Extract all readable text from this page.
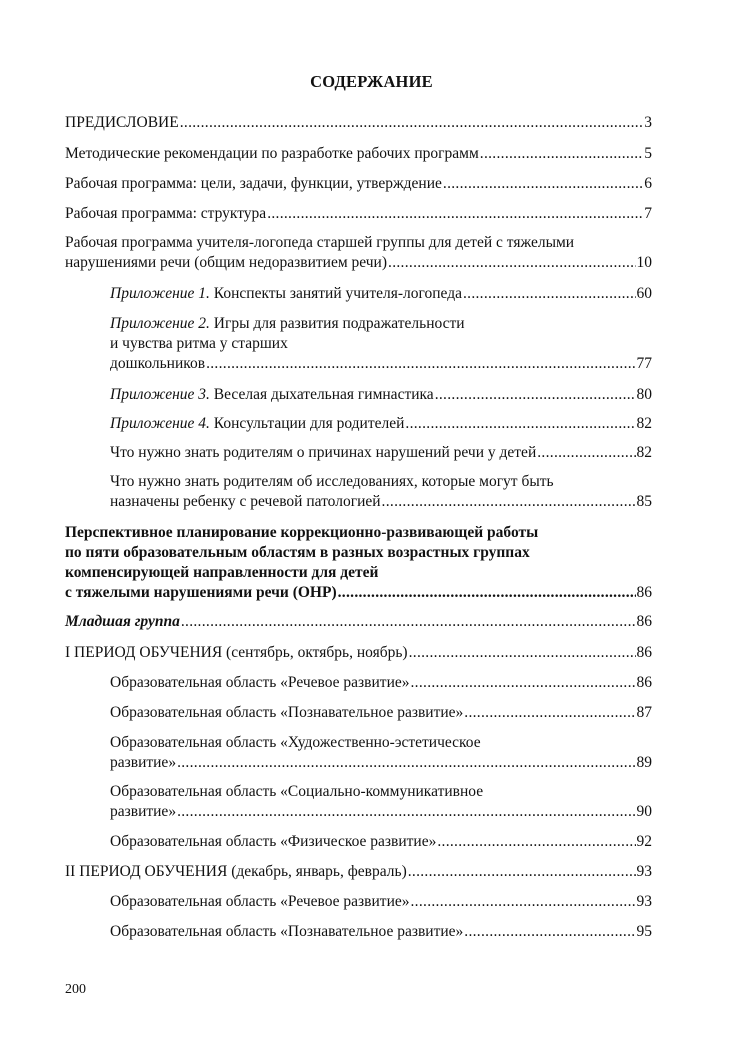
СОДЕРЖАНИЕ
ПРЕДИСЛОВИЕ .....	3
Методические рекомендации по разработке рабочих программ .....	5
Рабочая программа: цели, задачи, функции, утверждение .....	6
Рабочая программа: структура .....	7
Рабочая программа учителя-логопеда старшей группы для детей с тяжелыми
нарушениями речи (общим недоразвитием речи) .....	10
Приложение 1. Конспекты занятий учителя-логопеда .....	60
Приложение 2. Игры для развития подражательности
и чувства ритма у старших
дошкольников .....	77
Приложение 3. Веселая дыхательная гимнастика .....	80
Приложение 4. Консультации для родителей .....	82
Что нужно знать родителям о причинах нарушений речи у детей .....	82
Что нужно знать родителям об исследованиях, которые могут быть
назначены ребенку с речевой патологией .....	85
Перспективное планирование коррекционно-развивающей работы
по пяти образовательным областям в разных возрастных группах
компенсирующей направленности для детей
с тяжелыми нарушениями речи (ОНР) .....	86
Младшая группа .....	86
I ПЕРИОД ОБУЧЕНИЯ (сентябрь, октябрь, ноябрь) .....	86
Образовательная область «Речевое развитие» .....	86
Образовательная область «Познавательное развитие» .....	87
Образовательная область «Художественно-эстетическое
развитие» .....	89
Образовательная область «Социально-коммуникативное
развитие» .....	90
Образовательная область «Физическое развитие» .....	92
II ПЕРИОД ОБУЧЕНИЯ (декабрь, январь, февраль) .....	93
Образовательная область «Речевое развитие» .....	93
Образовательная область «Познавательное развитие» .....	95
200
